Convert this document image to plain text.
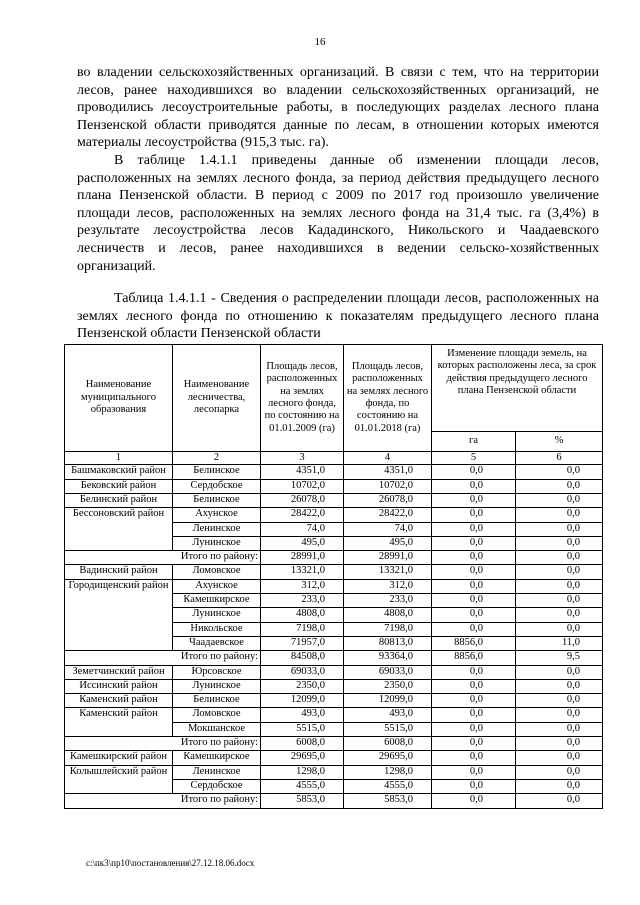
16

во владении сельскохозяйственных организаций. В связи с тем, что на территории лесов, ранее находившихся во владении сельскохозяйственных организаций, не проводились лесоустроительные работы, в последующих разделах лесного плана Пензенской области приводятся данные по лесам, в отношении которых имеются материалы лесоустройства (915,3 тыс. га).

В таблице 1.4.1.1 приведены данные об изменении площади лесов, расположенных на землях лесного фонда, за период действия предыдущего лесного плана Пензенской области. В период с 2009 по 2017 год произошло увеличение площади лесов, расположенных на землях лесного фонда на 31,4 тыс. га (3,4%) в результате лесоустройства лесов Кададинского, Никольского и Чаадаевского лесничеств и лесов, ранее находившихся в ведении сельско-хозяйственных организаций.

Таблица 1.4.1.1 - Сведения о распределении площади лесов, расположенных на землях лесного фонда по отношению к показателям предыдущего лесного плана Пензенской области Пензенской области

Наименование муниципального образования	Наименование лесничества, лесопарка	Площадь лесов, расположенных на землях лесного фонда, по состоянию на 01.01.2009 (га)	Площадь лесов, расположенных на землях лесного фонда, по состоянию на 01.01.2018 (га)	Изменение площади земель, на которых расположены леса, за срок действия предыдущего лесного плана Пензенской области	
				га	%
1	2	3	4	5	6
Башмаковский район	Белинское	4351,0	4351,0	0,0	0,0
Бековский район	Сердобское	10702,0	10702,0	0,0	0,0
Белинский район	Белинское	26078,0	26078,0	0,0	0,0
Бессоновский район	Ахунское	28422,0	28422,0	0,0	0,0
	Ленинское	74,0	74,0	0,0	0,0
	Лунинское	495,0	495,0	0,0	0,0
Итого по району:		28991,0	28991,0	0,0	0,0
Вадинский район	Ломовское	13321,0	13321,0	0,0	0,0
Городищенский район	Ахунское	312,0	312,0	0,0	0,0
	Камешкирское	233,0	233,0	0,0	0,0
	Лунинское	4808,0	4808,0	0,0	0,0
	Никольское	7198,0	7198,0	0,0	0,0
	Чаадаевское	71957,0	80813,0	8856,0	11,0
Итого по району:		84508,0	93364,0	8856,0	9,5
Земетчинский район	Юрсовское	69033,0	69033,0	0,0	0,0
Иссинский район	Лунинское	2350,0	2350,0	0,0	0,0
Каменский район	Белинское	12099,0	12099,0	0,0	0,0
Каменский район	Ломовское	493,0	493,0	0,0	0,0
	Мокшанское	5515,0	5515,0	0,0	0,0
Итого по району:		6008,0	6008,0	0,0	0,0
Камешкирский район	Камешкирское	29695,0	29695,0	0,0	0,0
Колышлейский район	Ленинское	1298,0	1298,0	0,0	0,0
	Сердобское	4555,0	4555,0	0,0	0,0
Итого по району:		5853,0	5853,0	0,0	0,0
c:\пк3\пр10\постановления\27.12.18.06.docx
